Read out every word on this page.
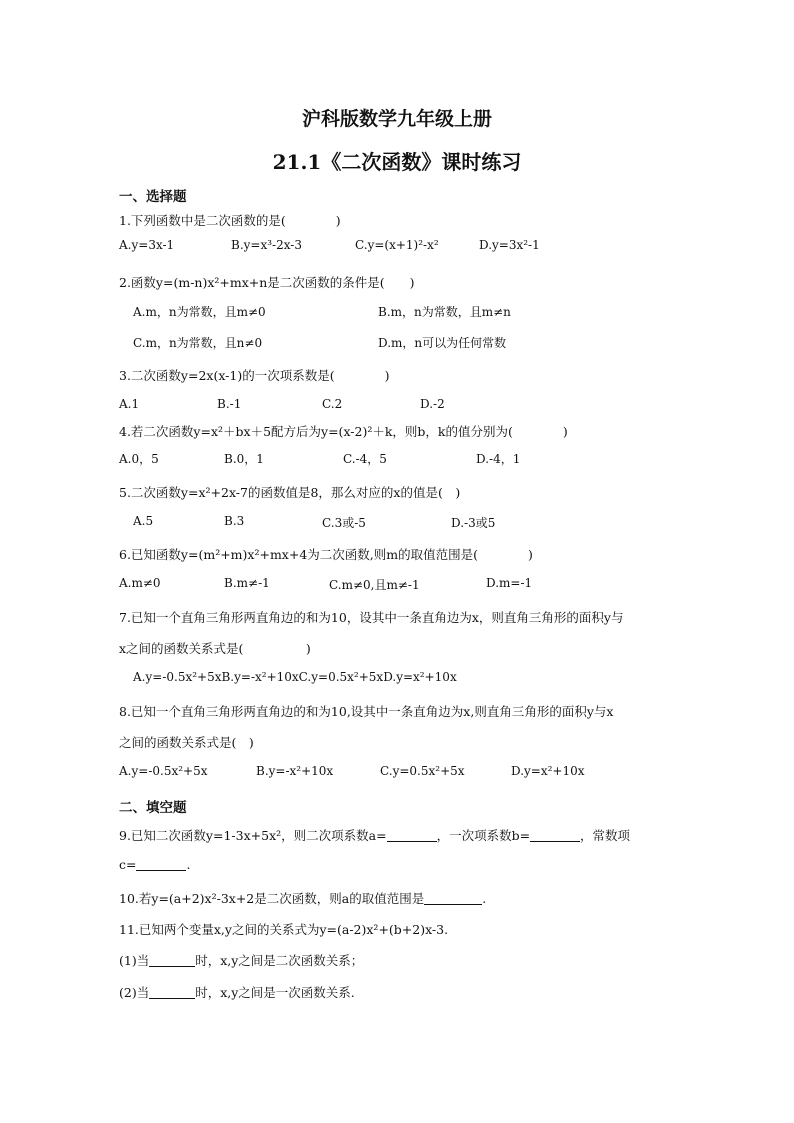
沪科版数学九年级上册
21.1《二次函数》课时练习
一、选择题
1.下列函数中是二次函数的是(　　　　)
A.y=3x-1	B.y=x³-2x-3	C.y=(x+1)²-x²	D.y=3x²-1
2.函数y=(m-n)x²+mx+n是二次函数的条件是(　　)
A.m，n为常数，且m≠0	B.m，n为常数，且m≠n
C.m，n为常数，且n≠0	D.m，n可以为任何常数
3.二次函数y=2x(x-1)的一次项系数是(　　　　)
A.1	B.-1	C.2	D.-2
4.若二次函数y=x²＋bx＋5配方后为y=(x-2)²＋k，则b，k的值分别为(　　　　)
A.0，5	B.0，1	C.-4，5	D.-4，1
5.二次函数y=x²+2x-7的函数值是8，那么对应的x的值是(　)
A.5	B.3	C.3或-5	D.-3或5
6.已知函数y=(m²+m)x²+mx+4为二次函数,则m的取值范围是(　　　　)
A.m≠0	B.m≠-1	C.m≠0,且m≠-1	D.m=-1
7.已知一个直角三角形两直角边的和为10，设其中一条直角边为x，则直角三角形的面积y与
x之间的函数关系式是(　　　　　)
A.y=-0.5x²+5xB.y=-x²+10xC.y=0.5x²+5xD.y=x²+10x
8.已知一个直角三角形两直角边的和为10,设其中一条直角边为x,则直角三角形的面积y与x
之间的函数关系式是(　)
A.y=-0.5x²+5x	B.y=-x²+10x	C.y=0.5x²+5x	D.y=x²+10x
二、填空题
9.已知二次函数y=1-3x+5x²，则二次项系数a=	，一次项系数b=	，常数项
c=	.
10.若y=(a+2)x²-3x+2是二次函数，则a的取值范围是	.
11.已知两个变量x,y之间的关系式为y=(a-2)x²+(b+2)x-3.
(1)当	时，x,y之间是二次函数关系；
(2)当	时，x,y之间是一次函数关系.
